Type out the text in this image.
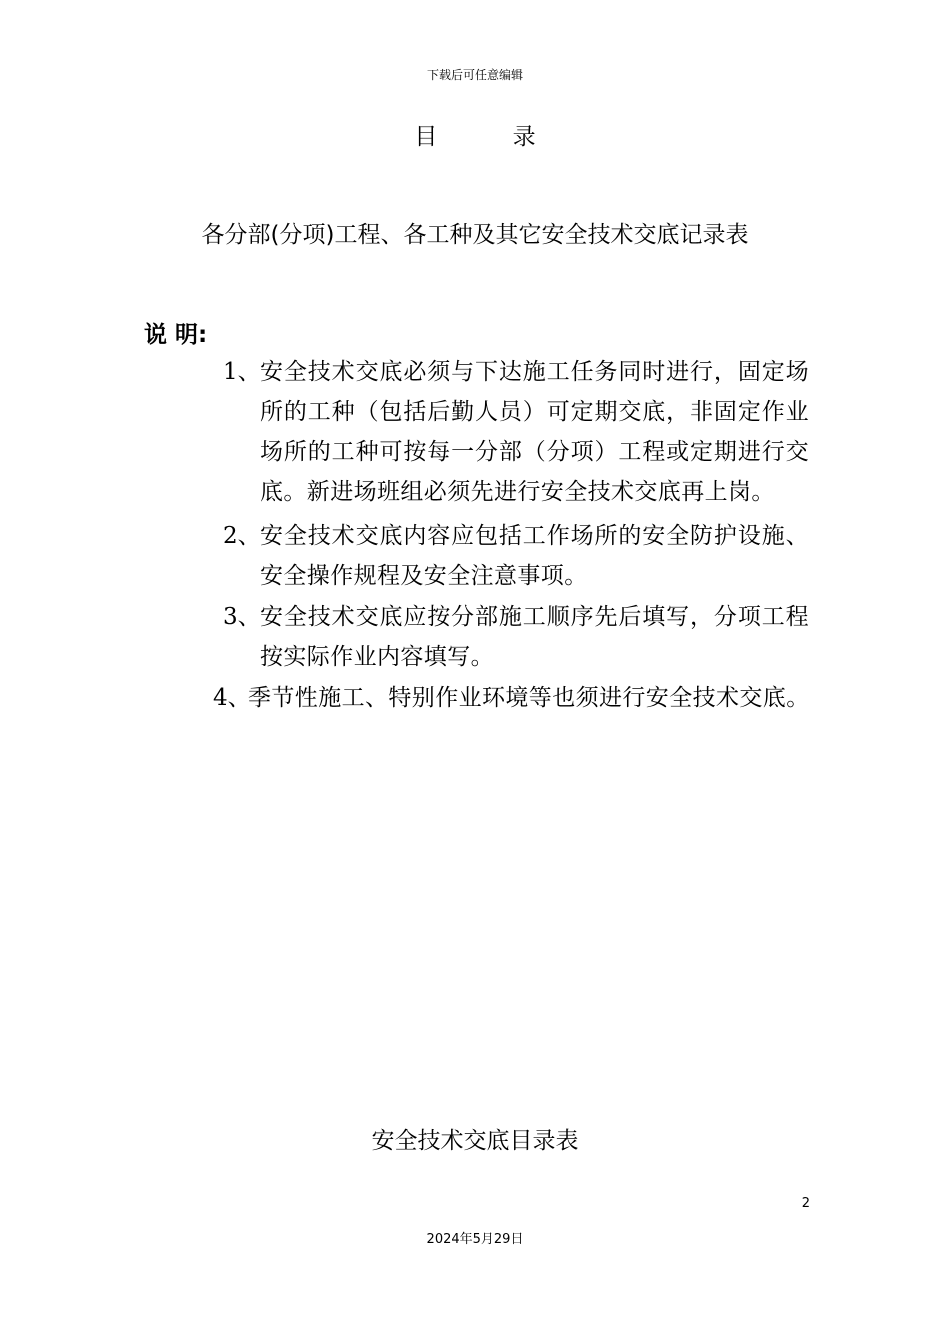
下载后可任意编辑
目 录
各分部(分项)工程、各工种及其它安全技术交底记录表
说 明:
1、 安全技术交底必须与下达施工任务同时进行，固定场所的工种（包括后勤人员）可定期交底，非固定作业场所的工种可按每一分部（分项）工程或定期进行交底。新进场班组必须先进行安全技术交底再上岗。
2、 安全技术交底内容应包括工作场所的安全防护设施、安全操作规程及安全注意事项。
3、 安全技术交底应按分部施工顺序先后填写，分项工程按实际作业内容填写。
4、
季节性施工、特别作业环境等也须进行安全技术交底。
安全技术交底目录表
2
2024年5月29日
